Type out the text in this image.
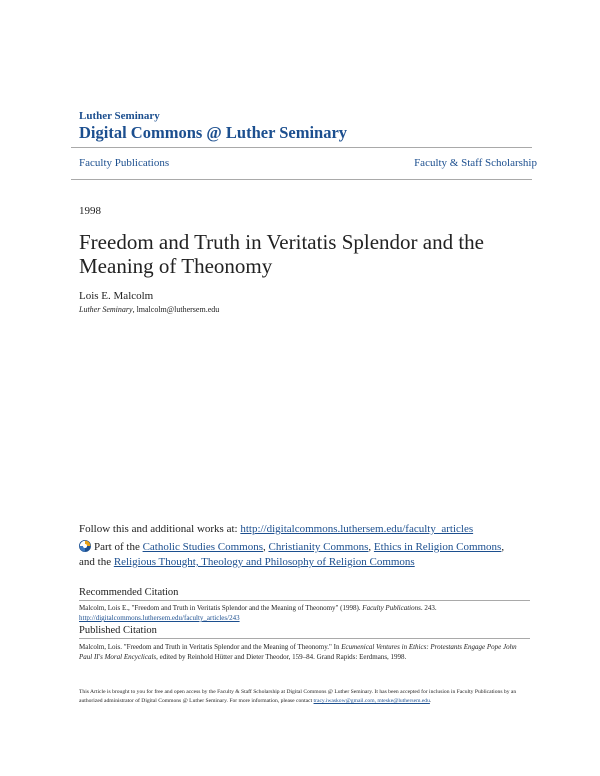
Luther Seminary
Digital Commons @ Luther Seminary
Faculty Publications	Faculty & Staff Scholarship
1998
Freedom and Truth in Veritatis Splendor and the Meaning of Theonomy
Lois E. Malcolm
Luther Seminary, lmalcolm@luthersem.edu
Follow this and additional works at: http://digitalcommons.luthersem.edu/faculty_articles
Part of the Catholic Studies Commons, Christianity Commons, Ethics in Religion Commons,
and the Religious Thought, Theology and Philosophy of Religion Commons
Recommended Citation
Malcolm, Lois E., "Freedom and Truth in Veritatis Splendor and the Meaning of Theonomy" (1998). Faculty Publications. 243.
http://digitalcommons.luthersem.edu/faculty_articles/243
Published Citation
Malcolm, Lois. "Freedom and Truth in Veritatis Splendor and the Meaning of Theonomy." In Ecumenical Ventures in Ethics: Protestants Engage Pope John Paul II's Moral Encyclicals, edited by Reinhold Hütter and Dieter Theodor, 159–84. Grand Rapids: Eerdmans, 1998.
This Article is brought to you for free and open access by the Faculty & Staff Scholarship at Digital Commons @ Luther Seminary. It has been accepted for inclusion in Faculty Publications by an authorized administrator of Digital Commons @ Luther Seminary. For more information, please contact tracy.iwaskow@gmail.com, mteske@luthersem.edu.
